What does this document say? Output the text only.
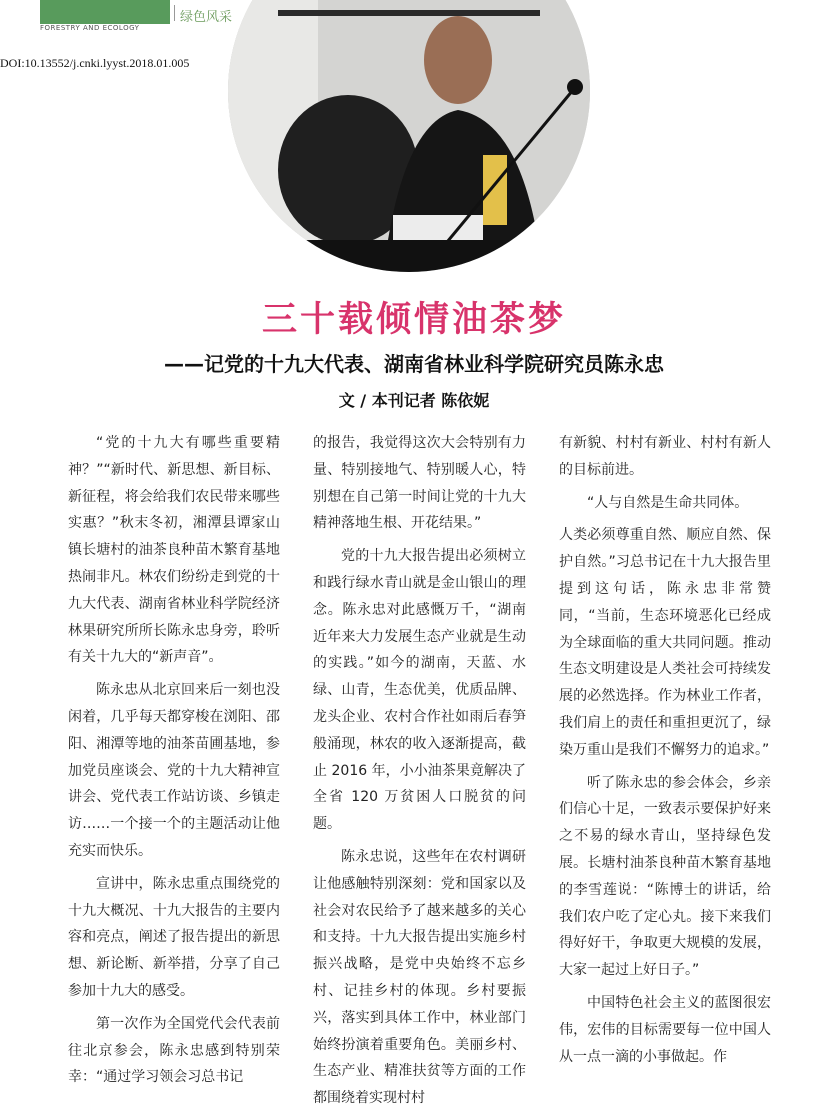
FORESTRY AND ECOLOGY
绿色风采
DOI:10.13552/j.cnki.lyyst.2018.01.005
三十载倾情油茶梦
——记党的十九大代表、湖南省林业科学院研究员陈永忠
文 / 本刊记者 陈依妮

“党的十九大有哪些重要精神？”“新时代、新思想、新目标、新征程，将会给我们农民带来哪些实惠？”秋末冬初，湘潭县谭家山镇长塘村的油茶良种苗木繁育基地热闹非凡。林农们纷纷走到党的十九大代表、湖南省林业科学院经济林果研究所所长陈永忠身旁，聆听有关十九大的“新声音”。

陈永忠从北京回来后一刻也没闲着，几乎每天都穿梭在浏阳、邵阳、湘潭等地的油茶苗圃基地，参加党员座谈会、党的十九大精神宣讲会、党代表工作站访谈、乡镇走访……一个接一个的主题活动让他充实而快乐。

宣讲中，陈永忠重点围绕党的十九大概况、十九大报告的主要内容和亮点，阐述了报告提出的新思想、新论断、新举措，分享了自己参加十九大的感受。

第一次作为全国党代会代表前往北京参会，陈永忠感到特别荣幸：“通过学习领会习总书记

的报告，我觉得这次大会特别有力量、特别接地气、特别暖人心，特别想在自己第一时间让党的十九大精神落地生根、开花结果。”

党的十九大报告提出必须树立和践行绿水青山就是金山银山的理念。陈永忠对此感慨万千，“湖南近年来大力发展生态产业就是生动的实践。”如今的湖南，天蓝、水绿、山青，生态优美，优质品牌、龙头企业、农村合作社如雨后春笋般涌现，林农的收入逐渐提高，截止 2016 年，小小油茶果竟解决了全省 120 万贫困人口脱贫的问题。

陈永忠说，这些年在农村调研让他感触特别深刻：党和国家以及社会对农民给予了越来越多的关心和支持。十九大报告提出实施乡村振兴战略，是党中央始终不忘乡村、记挂乡村的体现。乡村要振兴，落实到具体工作中，林业部门始终扮演着重要角色。美丽乡村、生态产业、精准扶贫等方面的工作都围绕着实现村村

有新貌、村村有新业、村村有新人的目标前进。

“人与自然是生命共同体。

人类必须尊重自然、顺应自然、保护自然。”习总书记在十九大报告里提到这句话，陈永忠非常赞同，“当前，生态环境恶化已经成为全球面临的重大共同问题。推动生态文明建设是人类社会可持续发展的必然选择。作为林业工作者，我们肩上的责任和重担更沉了，绿染万重山是我们不懈努力的追求。”

听了陈永忠的参会体会，乡亲们信心十足，一致表示要保护好来之不易的绿水青山，坚持绿色发展。长塘村油茶良种苗木繁育基地的李雪莲说：“陈博士的讲话，给我们农户吃了定心丸。接下来我们得好好干，争取更大规模的发展，大家一起过上好日子。”

中国特色社会主义的蓝图很宏伟，宏伟的目标需要每一位中国人从一点一滴的小事做起。作
